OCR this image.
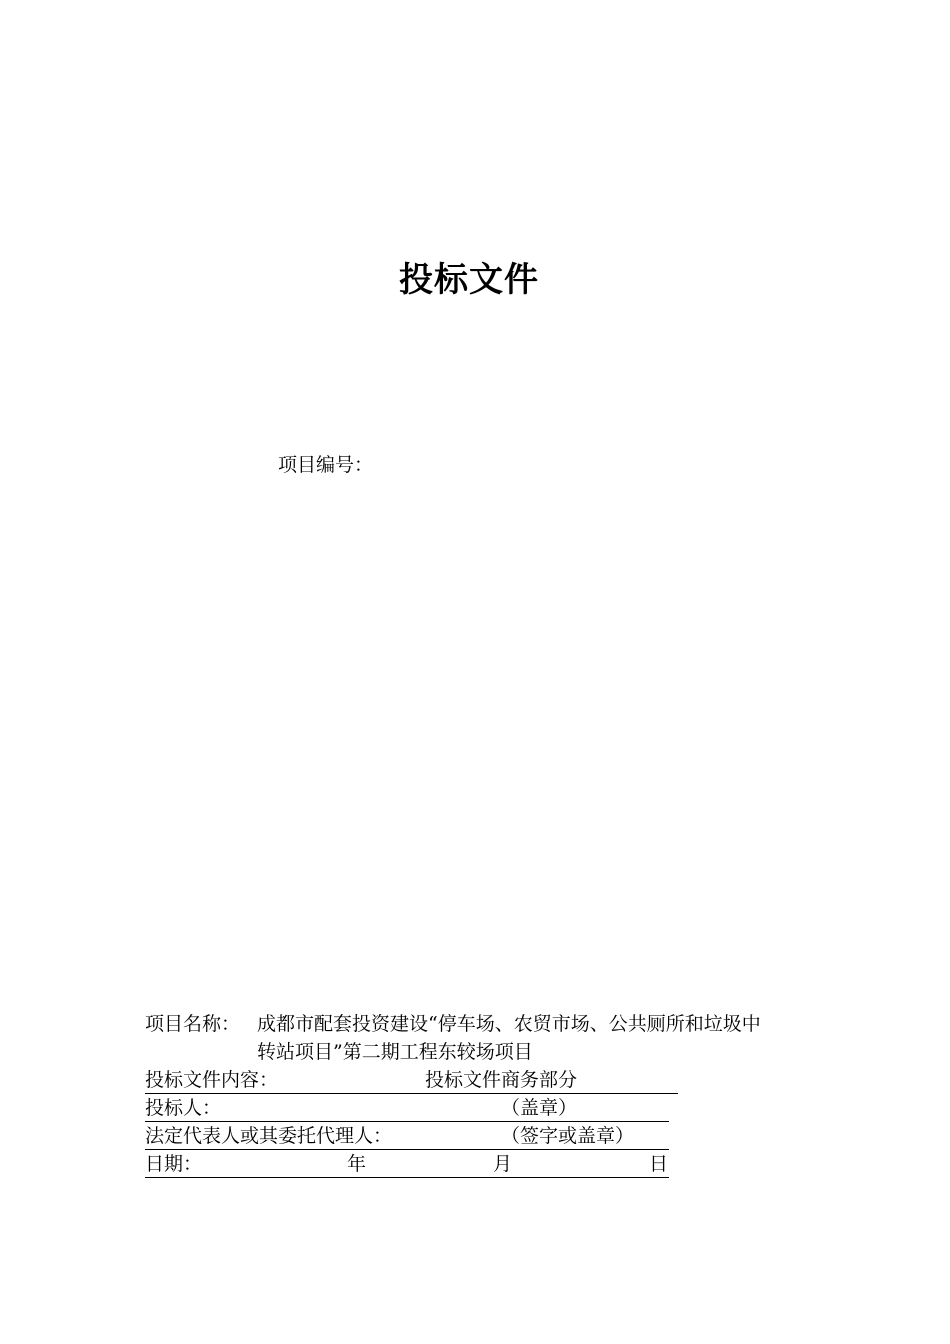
投标文件
项目编号：
项目名称： 成都市配套投资建设“停车场、农贸市场、公共厕所和垃圾中转站项目”第二期工程东较场项目
投标文件内容：	投标文件商务部分
投标人：	（盖章）
法定代表人或其委托代理人：	（签字或盖章）
日期：	年	月	日
